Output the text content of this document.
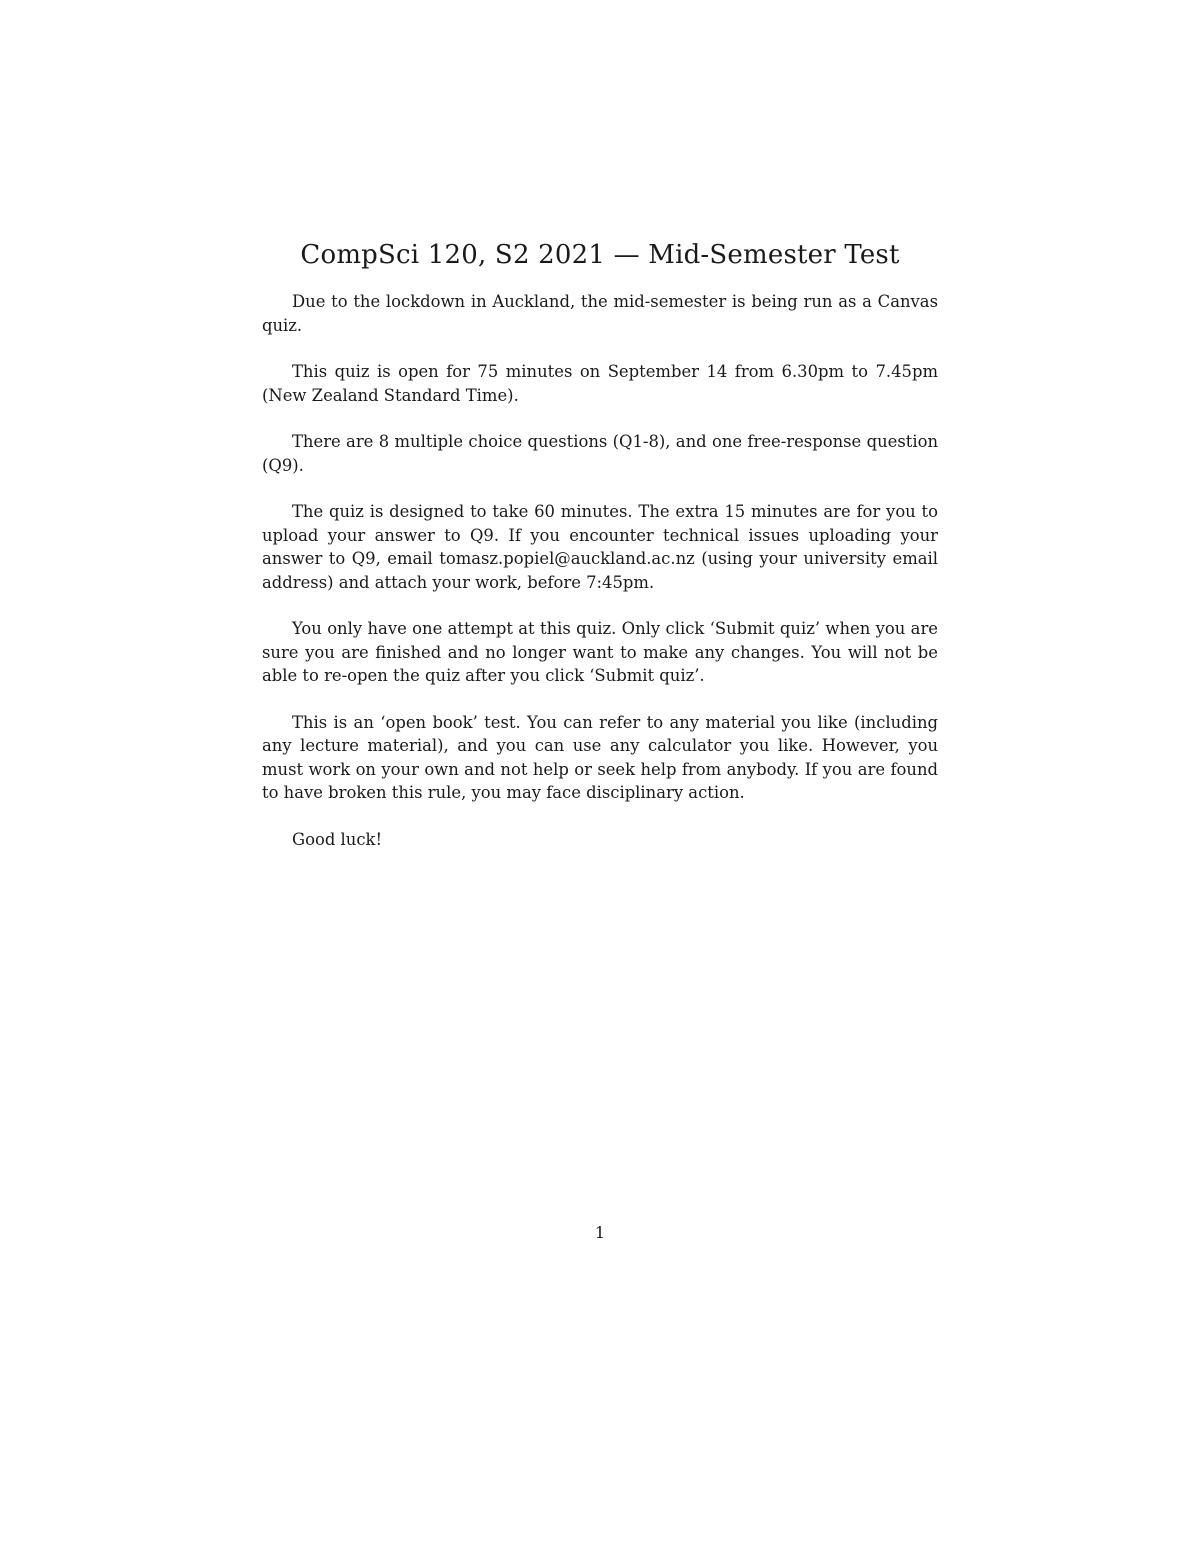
CompSci 120, S2 2021 — Mid-Semester Test

Due to the lockdown in Auckland, the mid-semester is being run as a Canvas quiz.

This quiz is open for 75 minutes on September 14 from 6.30pm to 7.45pm (New Zealand Standard Time).

There are 8 multiple choice questions (Q1-8), and one free-response question (Q9).

The quiz is designed to take 60 minutes. The extra 15 minutes are for you to upload your answer to Q9. If you encounter technical issues uploading your answer to Q9, email tomasz.popiel@auckland.ac.nz (using your university email address) and attach your work, before 7:45pm.

You only have one attempt at this quiz. Only click ‘Submit quiz’ when you are sure you are finished and no longer want to make any changes. You will not be able to re-open the quiz after you click ‘Submit quiz’.

This is an ‘open book’ test. You can refer to any material you like (including any lecture material), and you can use any calculator you like. However, you must work on your own and not help or seek help from anybody. If you are found to have broken this rule, you may face disciplinary action.

Good luck!

1
